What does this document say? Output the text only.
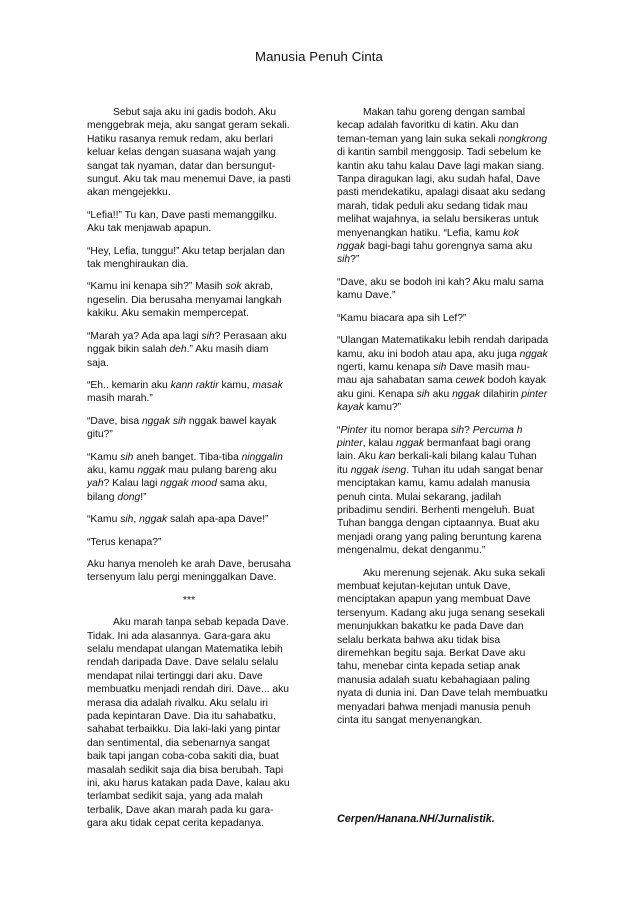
Manusia Penuh Cinta

Sebut saja aku ini gadis bodoh. Aku menggebrak meja, aku sangat geram sekali. Hatiku rasanya remuk redam, aku berlari keluar kelas dengan suasana wajah yang sangat tak nyaman, datar dan bersungut-sungut. Aku tak mau menemui Dave, ia pasti akan mengejekku.

“Lefia!!” Tu kan, Dave pasti memanggilku. Aku tak menjawab apapun.

“Hey, Lefia, tunggu!” Aku tetap berjalan dan tak menghiraukan dia.

“Kamu ini kenapa sih?” Masih sok akrab, ngeselin. Dia berusaha menyamai langkah kakiku. Aku semakin mempercepat.

“Marah ya? Ada apa lagi sih? Perasaan aku nggak bikin salah deh.” Aku masih diam saja.

“Eh.. kemarin aku kann raktir kamu, masak masih marah.”

“Dave, bisa nggak sih nggak bawel kayak gitu?”

“Kamu sih aneh banget. Tiba-tiba ninggalin aku, kamu nggak mau pulang bareng aku yah? Kalau lagi nggak mood sama aku, bilang dong!”

“Kamu sih, nggak salah apa-apa Dave!”

“Terus kenapa?”

Aku hanya menoleh ke arah Dave, berusaha tersenyum lalu pergi meninggalkan Dave.

***

Aku marah tanpa sebab kepada Dave. Tidak. Ini ada alasannya. Gara-gara aku selalu mendapat ulangan Matematika lebih rendah daripada Dave. Dave selalu selalu mendapat nilai tertinggi dari aku. Dave membuatku menjadi rendah diri. Dave... aku merasa dia adalah rivalku. Aku selalu iri pada kepintaran Dave. Dia itu sahabatku, sahabat terbaikku. Dia laki-laki yang pintar dan sentimental, dia sebenarnya sangat baik tapi jangan coba-coba sakiti dia, buat masalah sedikit saja dia bisa berubah. Tapi ini, aku harus katakan pada Dave, kalau aku terlambat sedikit saja, yang ada malah terbalik, Dave akan marah pada ku gara-gara aku tidak cepat cerita kepadanya.

Makan tahu goreng dengan sambal kecap adalah favoritku di katin. Aku dan teman-teman yang lain suka sekali nongkrong di kantin sambil menggosip. Tadi sebelum ke kantin aku tahu kalau Dave lagi makan siang. Tanpa diragukan lagi, aku sudah hafal, Dave pasti mendekatiku, apalagi disaat aku sedang marah, tidak peduli aku sedang tidak mau melihat wajahnya, ia selalu bersikeras untuk menyenangkan hatiku. “Lefia, kamu kok nggak bagi-bagi tahu gorengnya sama aku sih?”

“Dave, aku se bodoh ini kah? Aku malu sama kamu Dave.”

“Kamu biacara apa sih Lef?”

“Ulangan Matematikaku lebih rendah daripada kamu, aku ini bodoh atau apa, aku juga nggak ngerti, kamu kenapa sih Dave masih mau-mau aja sahabatan sama cewek bodoh kayak aku gini. Kenapa sih aku nggak dilahirin pinter kayak kamu?”

“Pinter itu nomor berapa sih? Percuma h pinter, kalau nggak bermanfaat bagi orang lain. Aku kan berkali-kali bilang kalau Tuhan itu nggak iseng. Tuhan itu udah sangat benar menciptakan kamu, kamu adalah manusia penuh cinta. Mulai sekarang, jadilah pribadimu sendiri. Berhenti mengeluh. Buat Tuhan bangga dengan ciptaannya. Buat aku menjadi orang yang paling beruntung karena mengenalmu, dekat denganmu.”

Aku merenung sejenak. Aku suka sekali membuat kejutan-kejutan untuk Dave, menciptakan apapun yang membuat Dave tersenyum. Kadang aku juga senang sesekali menunjukkan bakatku ke pada Dave dan selalu berkata bahwa aku tidak bisa diremehkan begitu saja. Berkat Dave aku tahu, menebar cinta kepada setiap anak manusia adalah suatu kebahagiaan paling nyata di dunia ini. Dan Dave telah membuatku menyadari bahwa menjadi manusia penuh cinta itu sangat menyenangkan.

Cerpen/Hanana.NH/Jurnalistik.
